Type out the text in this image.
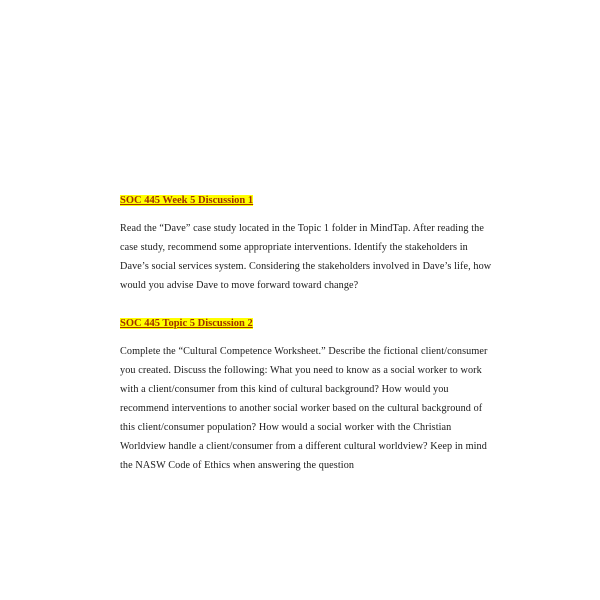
SOC 445 Week 5 Discussion 1

Read the “Dave” case study located in the Topic 1 folder in MindTap. After reading the case study, recommend some appropriate interventions. Identify the stakeholders in Dave’s social services system. Considering the stakeholders involved in Dave’s life, how would you advise Dave to move forward toward change?

SOC 445 Topic 5 Discussion 2

Complete the “Cultural Competence Worksheet.” Describe the fictional client/consumer you created. Discuss the following: What you need to know as a social worker to work with a client/consumer from this kind of cultural background? How would you recommend interventions to another social worker based on the cultural background of this client/consumer population? How would a social worker with the Christian Worldview handle a client/consumer from a different cultural worldview? Keep in mind the NASW Code of Ethics when answering the question
